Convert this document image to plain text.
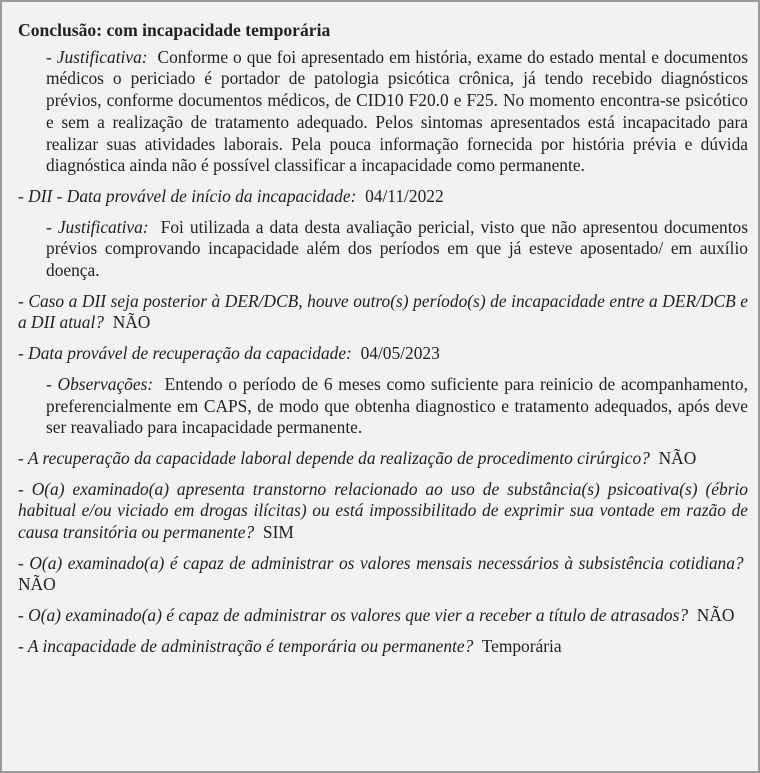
Conclusão: com incapacidade temporária

- Justificativa: Conforme o que foi apresentado em história, exame do estado mental e documentos médicos o periciado é portador de patologia psicótica crônica, já tendo recebido diagnósticos prévios, conforme documentos médicos, de CID10 F20.0 e F25. No momento encontra-se psicótico e sem a realização de tratamento adequado. Pelos sintomas apresentados está incapacitado para realizar suas atividades laborais. Pela pouca informação fornecida por história prévia e dúvida diagnóstica ainda não é possível classificar a incapacidade como permanente.

- DII - Data provável de início da incapacidade: 04/11/2022

- Justificativa: Foi utilizada a data desta avaliação pericial, visto que não apresentou documentos prévios comprovando incapacidade além dos períodos em que já esteve aposentado/ em auxílio doença.

- Caso a DII seja posterior à DER/DCB, houve outro(s) período(s) de incapacidade entre a DER/DCB e a DII atual? NÃO

- Data provável de recuperação da capacidade: 04/05/2023

- Observações: Entendo o período de 6 meses como suficiente para reinicio de acompanhamento, preferencialmente em CAPS, de modo que obtenha diagnostico e tratamento adequados, após deve ser reavaliado para incapacidade permanente.

- A recuperação da capacidade laboral depende da realização de procedimento cirúrgico? NÃO

- O(a) examinado(a) apresenta transtorno relacionado ao uso de substância(s) psicoativa(s) (ébrio habitual e/ou viciado em drogas ilícitas) ou está impossibilitado de exprimir sua vontade em razão de causa transitória ou permanente? SIM

- O(a) examinado(a) é capaz de administrar os valores mensais necessários à subsistência cotidiana?  NÃO

- O(a) examinado(a) é capaz de administrar os valores que vier a receber a título de atrasados? NÃO

- A incapacidade de administração é temporária ou permanente? Temporária
